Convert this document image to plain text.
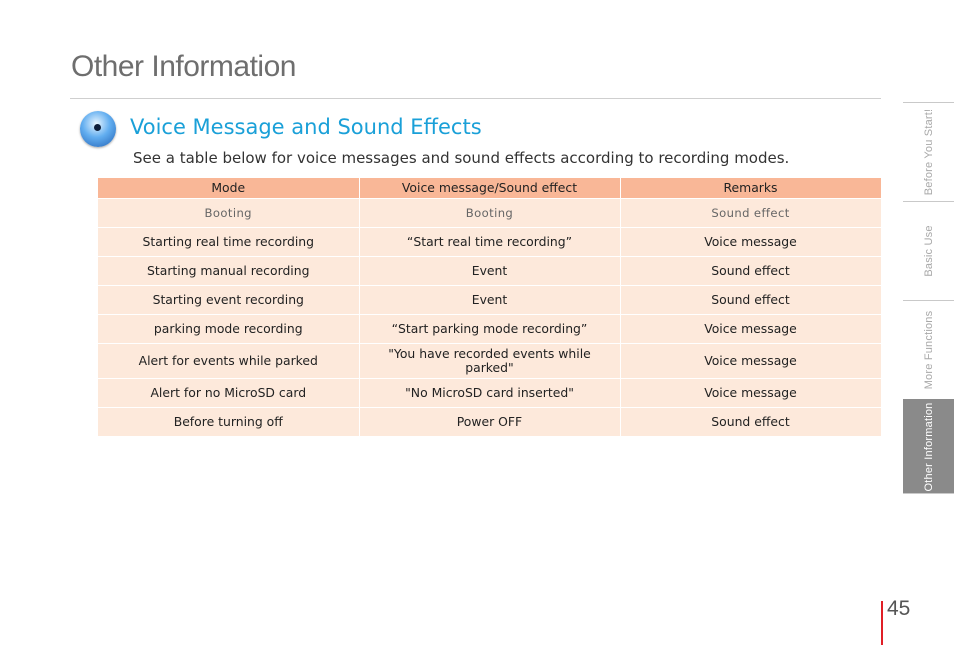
Other Information
Voice Message and Sound Effects
See a table below for voice messages and sound effects according to recording modes.
Mode	Voice message/Sound effect	Remarks
Booting	Booting	Sound effect
Starting real time recording	“Start real time recording”	Voice message
Starting manual recording	Event	Sound effect
Starting event recording	Event	Sound effect
parking mode recording	“Start parking mode recording”	Voice message
Alert for events while parked	"You have recorded events while parked"	Voice message
Alert for no MicroSD card	"No MicroSD card inserted"	Voice message
Before turning off	Power OFF	Sound effect
Before You Start!
Basic Use
More Functions
Other Information
45
